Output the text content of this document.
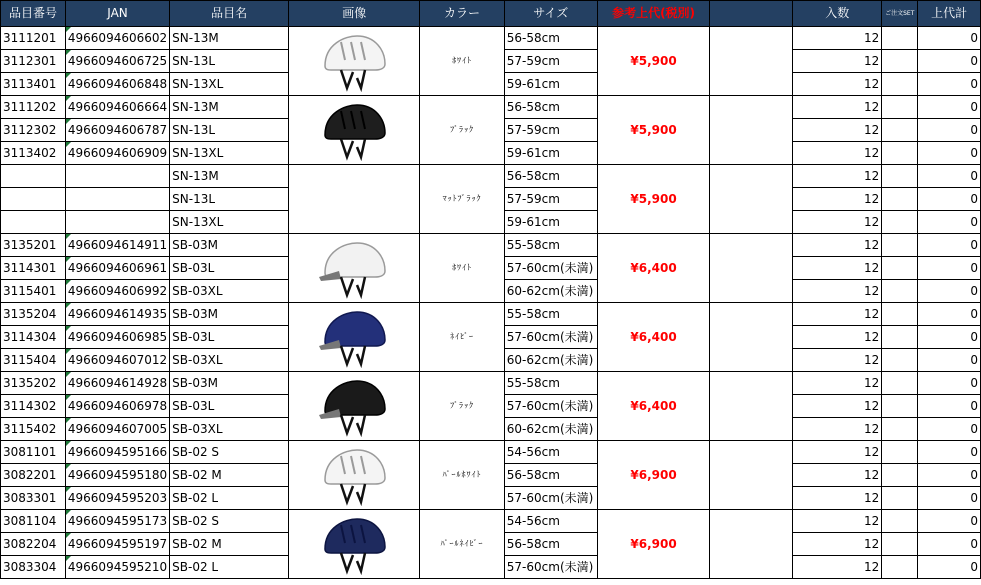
品目番号	JAN	品目名	画像	カラー	サイズ	参考上代(税別)		入数	ご注文SET	上代計
3111201	4966094606602	SN-13M		ﾎﾜｲﾄ	56-58cm	¥5,900		12		0
3112301	4966094606725	SN-13L			57-59cm			12		0
3113401	4966094606848	SN-13XL			59-61cm			12		0
3111202	4966094606664	SN-13M		ﾌﾞﾗｯｸ	56-58cm	¥5,900		12		0
3112302	4966094606787	SN-13L			57-59cm			12		0
3113402	4966094606909	SN-13XL			59-61cm			12		0
		SN-13M		ﾏｯﾄﾌﾞﾗｯｸ	56-58cm	¥5,900		12		0
		SN-13L			57-59cm			12		0
		SN-13XL			59-61cm			12		0
3135201	4966094614911	SB-03M		ﾎﾜｲﾄ	55-58cm	¥6,400		12		0
3114301	4966094606961	SB-03L			57-60cm(未満)			12		0
3115401	4966094606992	SB-03XL			60-62cm(未満)			12		0
3135204	4966094614935	SB-03M		ﾈｲﾋﾞｰ	55-58cm	¥6,400		12		0
3114304	4966094606985	SB-03L			57-60cm(未満)			12		0
3115404	4966094607012	SB-03XL			60-62cm(未満)			12		0
3135202	4966094614928	SB-03M		ﾌﾞﾗｯｸ	55-58cm	¥6,400		12		0
3114302	4966094606978	SB-03L			57-60cm(未満)			12		0
3115402	4966094607005	SB-03XL			60-62cm(未満)			12		0
3081101	4966094595166	SB-02 S		ﾊﾟｰﾙﾎﾜｲﾄ	54-56cm	¥6,900		12		0
3082201	4966094595180	SB-02 M			56-58cm			12		0
3083301	4966094595203	SB-02 L			57-60cm(未満)			12		0
3081104	4966094595173	SB-02 S		ﾊﾟｰﾙﾈｲﾋﾞｰ	54-56cm	¥6,900		12		0
3082204	4966094595197	SB-02 M			56-58cm			12		0
3083304	4966094595210	SB-02 L			57-60cm(未満)			12		0
